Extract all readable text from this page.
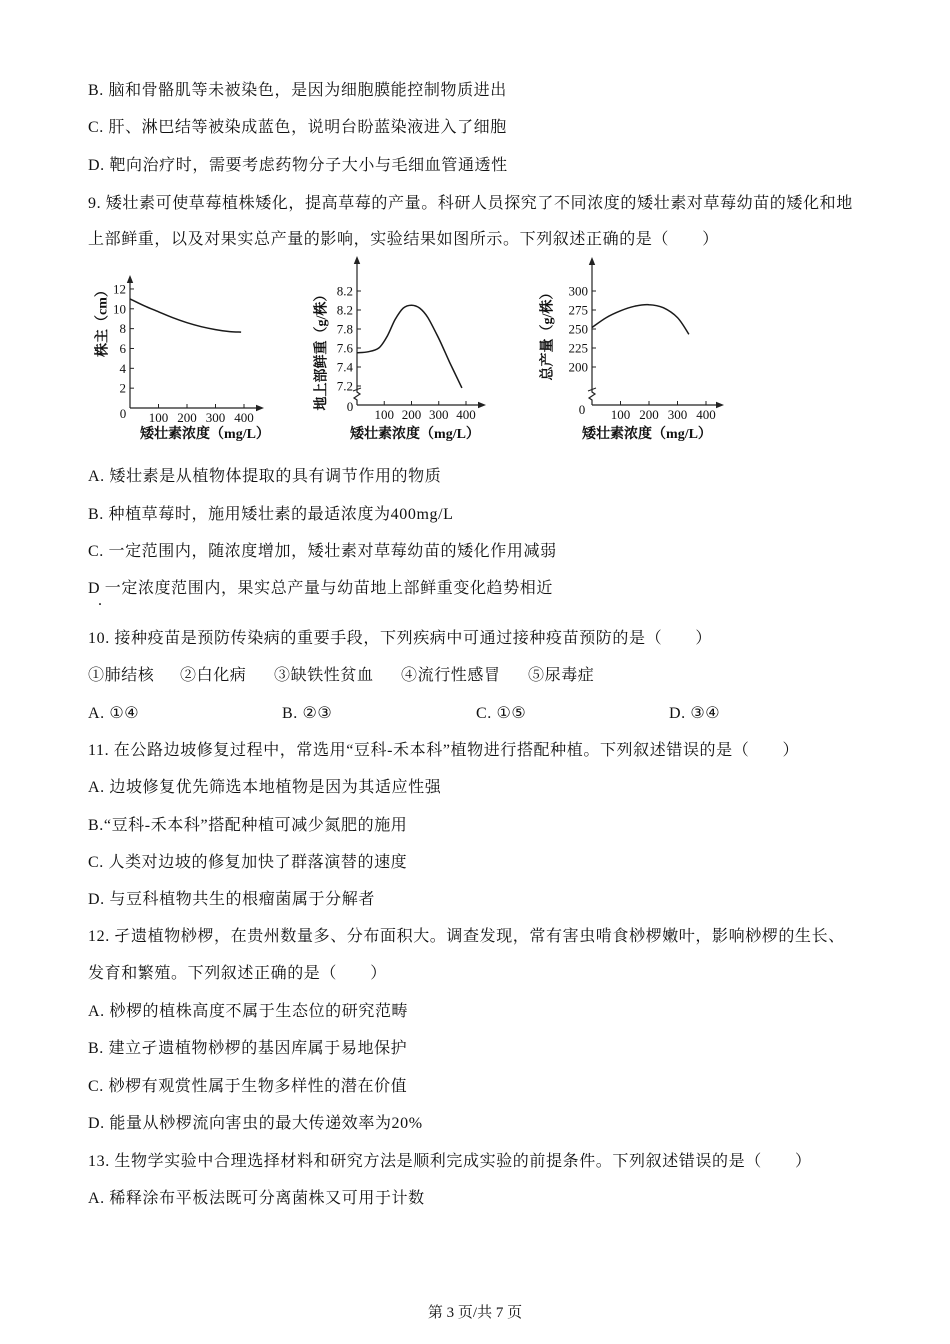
B. 脑和骨骼肌等未被染色，是因为细胞膜能控制物质进出
C. 肝、淋巴结等被染成蓝色，说明台盼蓝染液进入了细胞
D. 靶向治疗时，需要考虑药物分子大小与毛细血管通透性
9. 矮壮素可使草莓植株矮化，提高草莓的产量。科研人员探究了不同浓度的矮壮素对草莓幼苗的矮化和地
上部鲜重，以及对果实总产量的影响，实验结果如图所示。下列叙述正确的是（　　）
2
4
6
8
10
12
100 200 300 400
0
株主（cm）
矮壮素浓度（mg/L）
7.2
7.4
7.6
7.8
8.2
8.2
100 200 300 400
0
地上部鲜重（g/株）
矮壮素浓度（mg/L）
200
225
250
275
300
100 200 300 400
0
总产量（g/株）
矮壮素浓度（mg/L）
A. 矮壮素是从植物体提取的具有调节作用的物质
B. 种植草莓时，施用矮壮素的最适浓度为400mg/L
C. 一定范围内，随浓度增加，矮壮素对草莓幼苗的矮化作用减弱
D 一定浓度范围内，果实总产量与幼苗地上部鲜重变化趋势相近
.
10. 接种疫苗是预防传染病的重要手段，下列疾病中可通过接种疫苗预防的是（　　）
①肺结核 ②白化病 ③缺铁性贫血 ④流行性感冒 ⑤尿毒症
A. ①④	B. ②③	C. ①⑤	D. ③④
11. 在公路边坡修复过程中，常选用“豆科-禾本科”植物进行搭配种植。下列叙述错误的是（　　）
A. 边坡修复优先筛选本地植物是因为其适应性强
B.“豆科-禾本科”搭配种植可减少氮肥的施用
C. 人类对边坡的修复加快了群落演替的速度
D. 与豆科植物共生的根瘤菌属于分解者
12. 孑遗植物桫椤，在贵州数量多、分布面积大。调查发现，常有害虫啃食桫椤嫩叶，影响桫椤的生长、
发育和繁殖。下列叙述正确的是（　　）
A. 桫椤的植株高度不属于生态位的研究范畴
B. 建立孑遗植物桫椤的基因库属于易地保护
C. 桫椤有观赏性属于生物多样性的潜在价值
D. 能量从桫椤流向害虫的最大传递效率为20%
13. 生物学实验中合理选择材料和研究方法是顺利完成实验的前提条件。下列叙述错误的是（　　）
A. 稀释涂布平板法既可分离菌株又可用于计数
第 3 页/共 7 页
